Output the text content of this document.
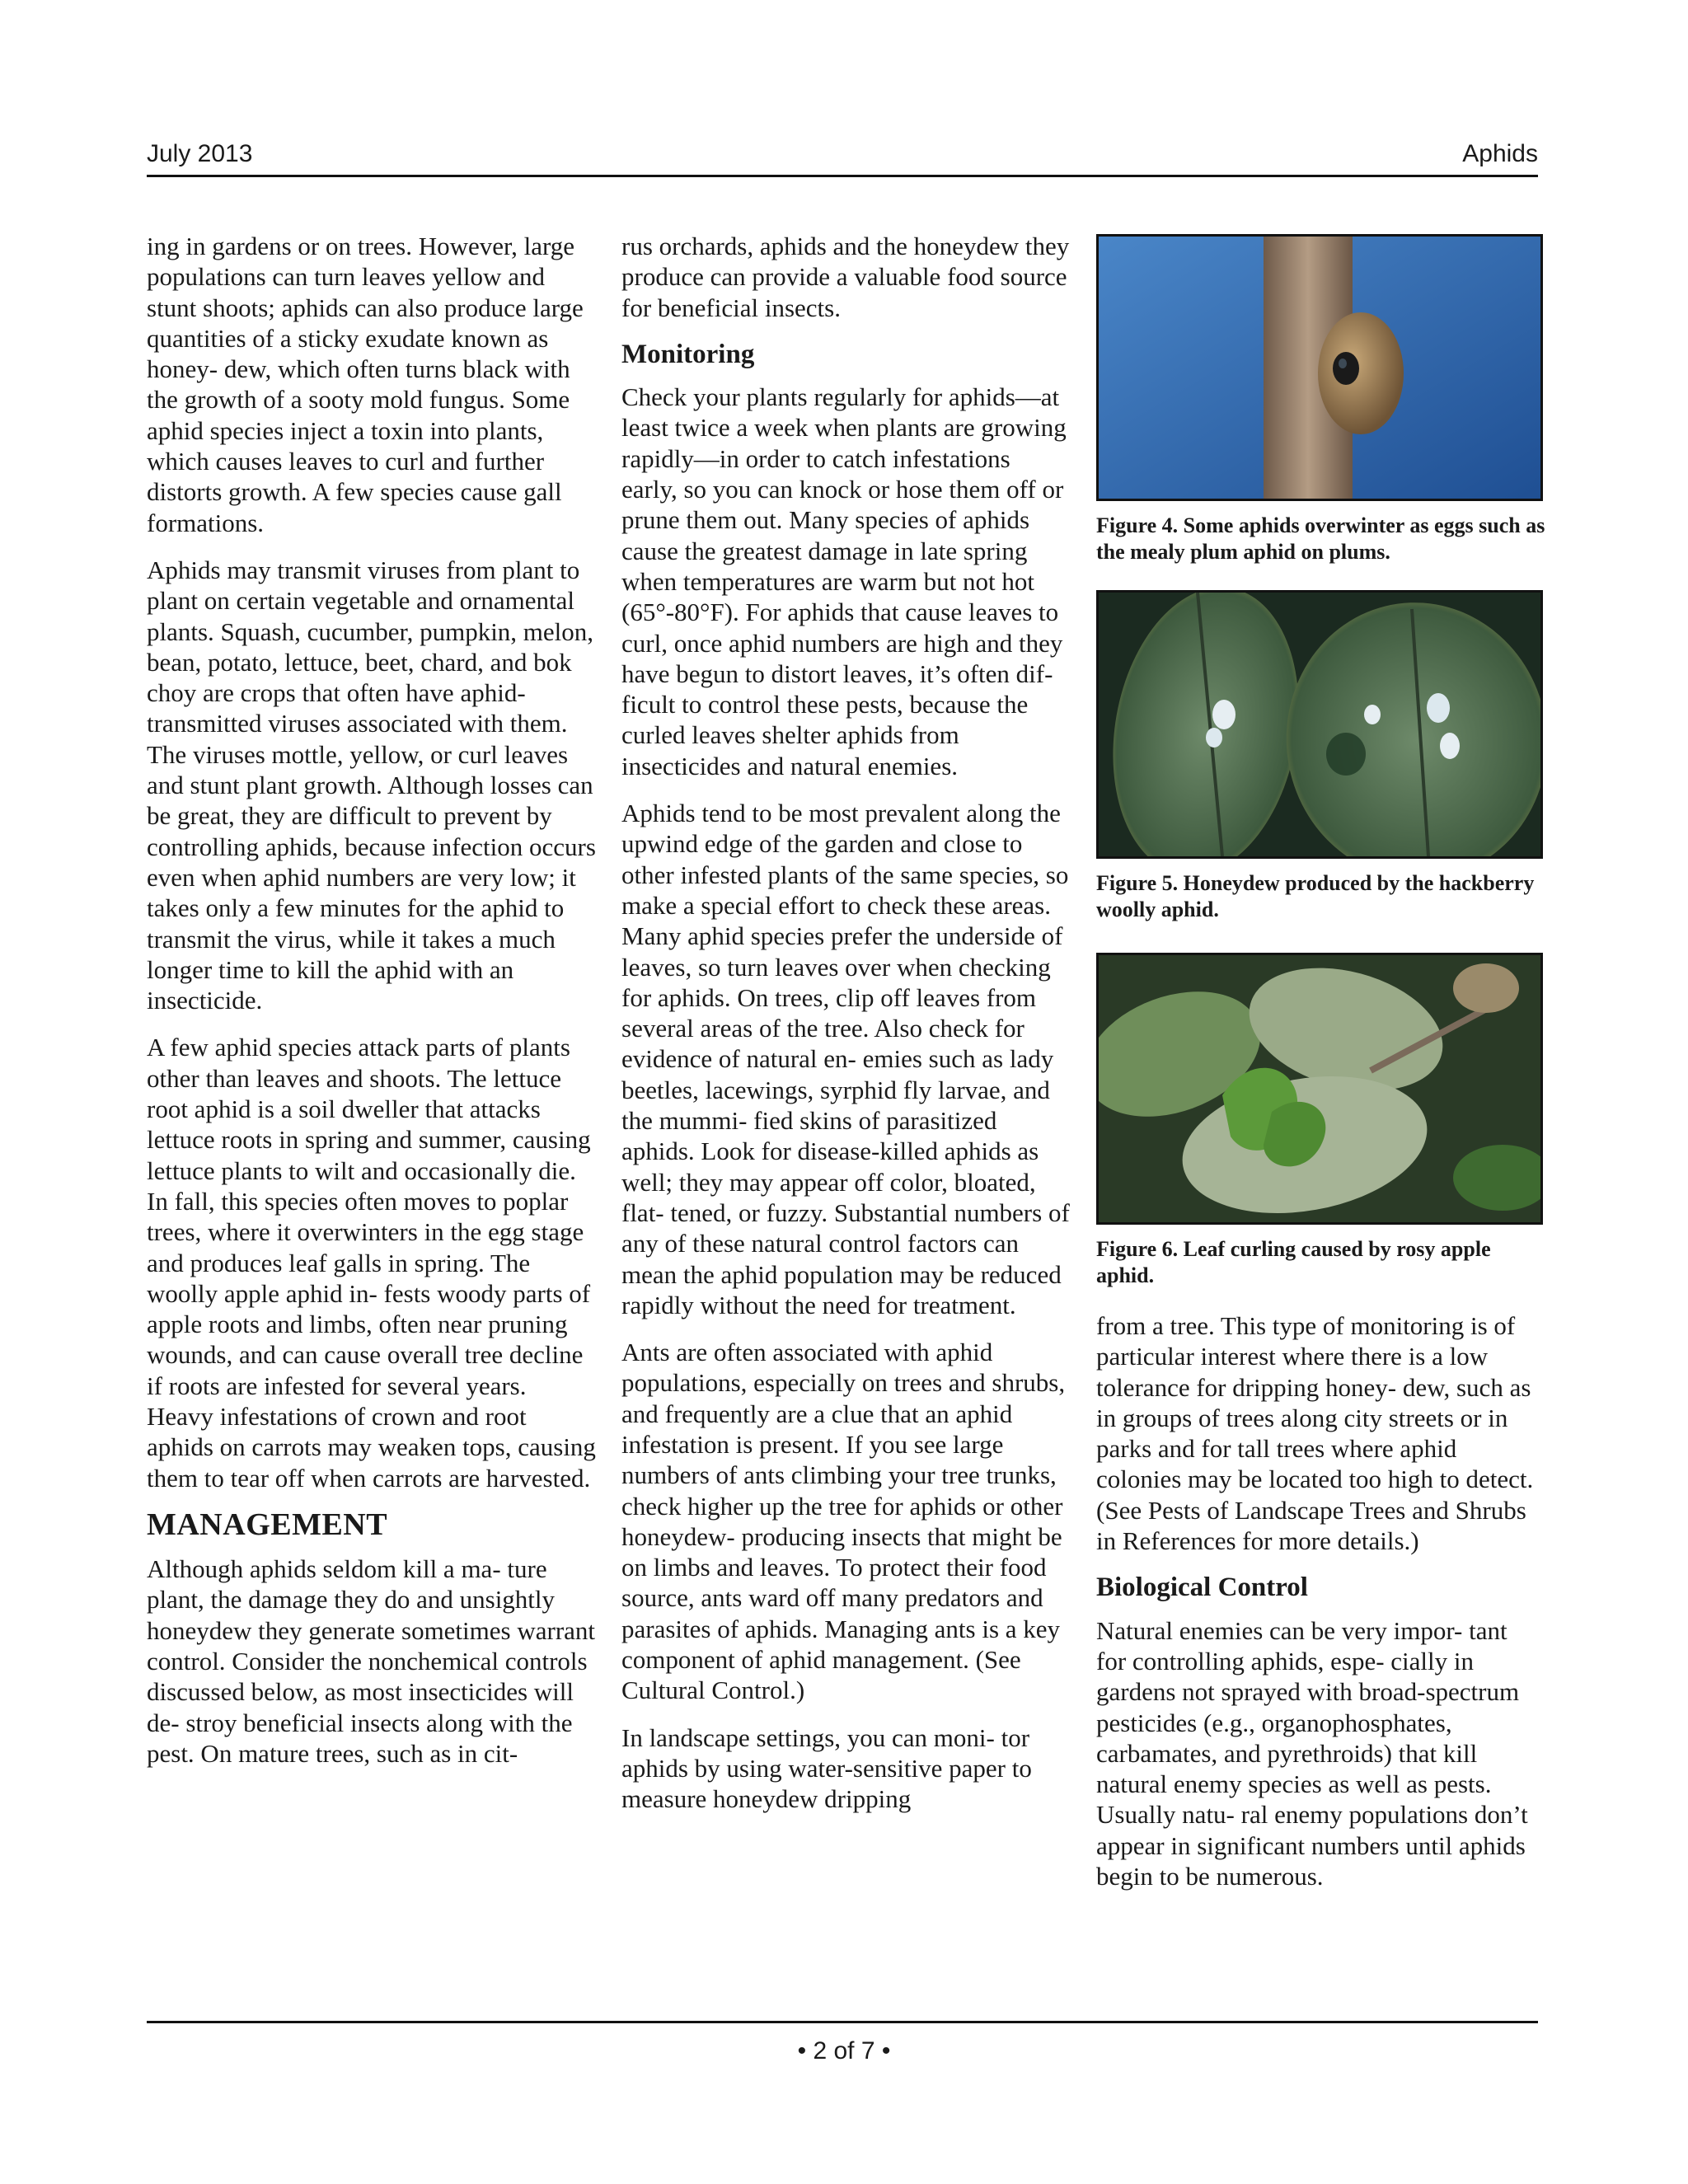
July 2013	Aphids

ing in gardens or on trees. However, large populations can turn leaves yellow and stunt shoots; aphids can also produce large quantities of a sticky exudate known as honey- dew, which often turns black with the growth of a sooty mold fungus. Some aphid species inject a toxin into plants, which causes leaves to curl and further distorts growth. A few species cause gall formations.

Aphids may transmit viruses from plant to plant on certain vegetable and ornamental plants. Squash, cucumber, pumpkin, melon, bean, potato, lettuce, beet, chard, and bok choy are crops that often have aphid- transmitted viruses associated with them. The viruses mottle, yellow, or curl leaves and stunt plant growth. Although losses can be great, they are difficult to prevent by controlling aphids, because infection occurs even when aphid numbers are very low; it takes only a few minutes for the aphid to transmit the virus, while it takes a much longer time to kill the aphid with an insecticide.

A few aphid species attack parts of plants other than leaves and shoots. The lettuce root aphid is a soil dweller that attacks lettuce roots in spring and summer, causing lettuce plants to wilt and occasionally die. In fall, this species often moves to poplar trees, where it overwinters in the egg stage and produces leaf galls in spring. The woolly apple aphid in- fests woody parts of apple roots and limbs, often near pruning wounds, and can cause overall tree decline if roots are infested for several years. Heavy infestations of crown and root aphids on carrots may weaken tops, causing them to tear off when carrots are harvested.

MANAGEMENT

Although aphids seldom kill a ma- ture plant, the damage they do and unsightly honeydew they generate sometimes warrant control. Consider the nonchemical controls discussed below, as most insecticides will de- stroy beneficial insects along with the pest. On mature trees, such as in cit-

rus orchards, aphids and the honeydew they produce can provide a valuable food source for beneficial insects.

Monitoring

Check your plants regularly for aphids—at least twice a week when plants are growing rapidly—in order to catch infestations early, so you can knock or hose them off or prune them out. Many species of aphids cause the greatest damage in late spring when temperatures are warm but not hot (65°-80°F). For aphids that cause leaves to curl, once aphid numbers are high and they have begun to distort leaves, it’s often dif- ficult to control these pests, because the curled leaves shelter aphids from insecticides and natural enemies.

Aphids tend to be most prevalent along the upwind edge of the garden and close to other infested plants of the same species, so make a special effort to check these areas. Many aphid species prefer the underside of leaves, so turn leaves over when checking for aphids. On trees, clip off leaves from several areas of the tree. Also check for evidence of natural en- emies such as lady beetles, lacewings, syrphid fly larvae, and the mummi- fied skins of parasitized aphids. Look for disease-killed aphids as well; they may appear off color, bloated, flat- tened, or fuzzy. Substantial numbers of any of these natural control factors can mean the aphid population may be reduced rapidly without the need for treatment.

Ants are often associated with aphid populations, especially on trees and shrubs, and frequently are a clue that an aphid infestation is present. If you see large numbers of ants climbing your tree trunks, check higher up the tree for aphids or other honeydew- producing insects that might be on limbs and leaves. To protect their food source, ants ward off many predators and parasites of aphids. Managing ants is a key component of aphid management. (See Cultural Control.)

In landscape settings, you can moni- tor aphids by using water-sensitive paper to measure honeydew dripping

Figure 4. Some aphids overwinter as eggs such as the mealy plum aphid on plums.
Figure 5. Honeydew produced by the hackberry woolly aphid.
Figure 6. Leaf curling caused by rosy apple aphid.

from a tree. This type of monitoring is of particular interest where there is a low tolerance for dripping honey- dew, such as in groups of trees along city streets or in parks and for tall trees where aphid colonies may be located too high to detect. (See Pests of Landscape Trees and Shrubs in References for more details.)

Biological Control

Natural enemies can be very impor- tant for controlling aphids, espe- cially in gardens not sprayed with broad-spectrum pesticides (e.g., organophosphates, carbamates, and pyrethroids) that kill natural enemy species as well as pests. Usually natu- ral enemy populations don’t appear in significant numbers until aphids begin to be numerous.

• 2 of 7 •
